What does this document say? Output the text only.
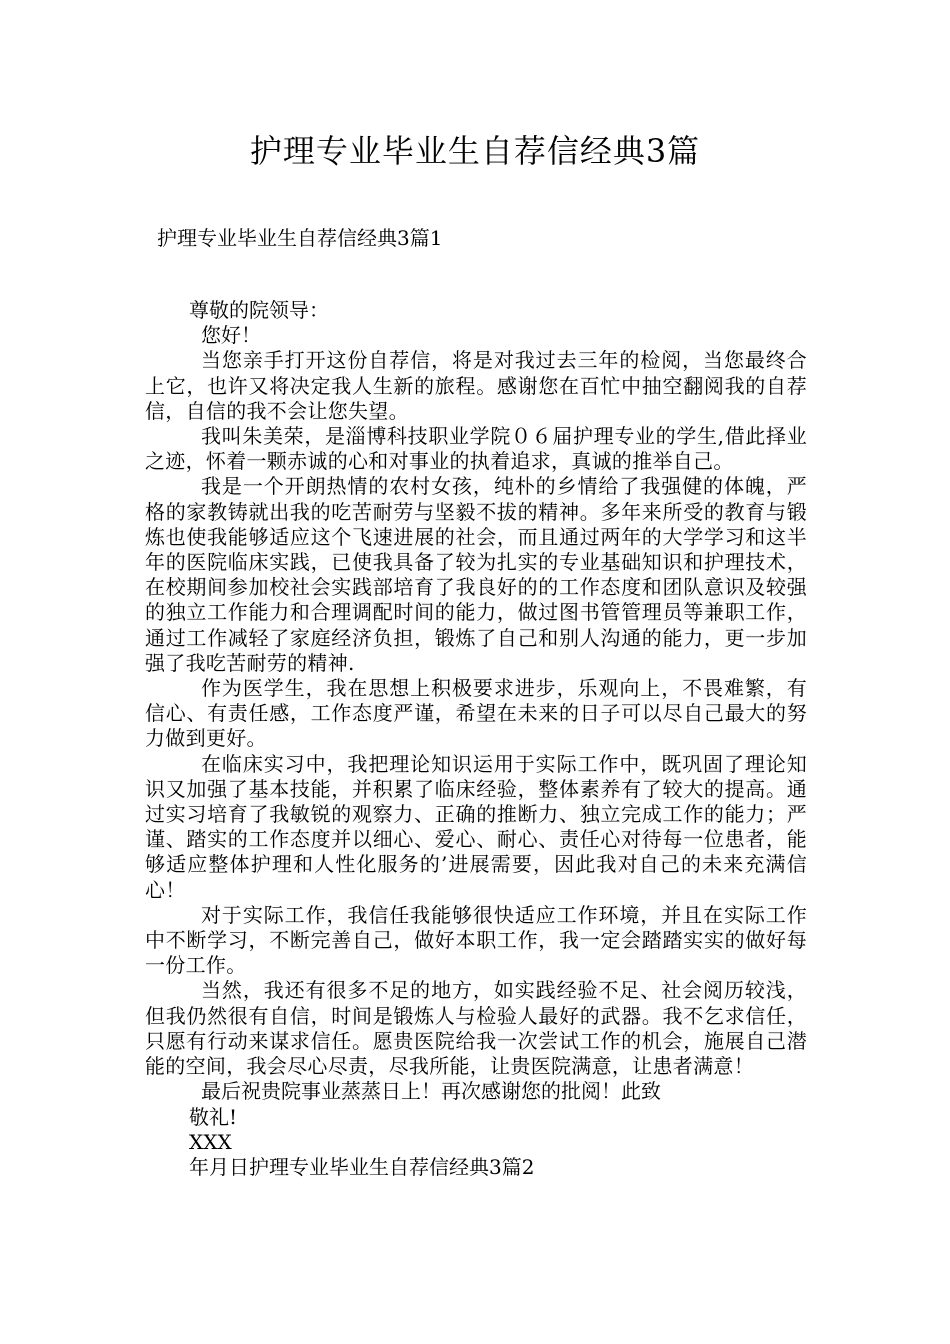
护理专业毕业生自荐信经典3篇
护理专业毕业生自荐信经典3篇1

尊敬的院领导：

您好！

当您亲手打开这份自荐信，将是对我过去三年的检阅，当您最终合上它，也许又将决定我人生新的旅程。感谢您在百忙中抽空翻阅我的自荐信，自信的我不会让您失望。

我叫朱美荣，是淄博科技职业学院０６届护理专业的学生,借此择业之迹，怀着一颗赤诚的心和对事业的执着追求，真诚的推举自己。

我是一个开朗热情的农村女孩，纯朴的乡情给了我强健的体魄，严格的家教铸就出我的吃苦耐劳与坚毅不拔的精神。多年来所受的教育与锻炼也使我能够适应这个飞速进展的社会，而且通过两年的大学学习和这半年的医院临床实践，已使我具备了较为扎实的专业基础知识和护理技术，在校期间参加校社会实践部培育了我良好的的工作态度和团队意识及较强的独立工作能力和合理调配时间的能力，做过图书管管理员等兼职工作，通过工作减轻了家庭经济负担，锻炼了自己和别人沟通的能力，更一步加强了我吃苦耐劳的精神.

作为医学生，我在思想上积极要求进步，乐观向上，不畏难繁，有信心、有责任感，工作态度严谨，希望在未来的日子可以尽自己最大的努力做到更好。

在临床实习中，我把理论知识运用于实际工作中，既巩固了理论知识又加强了基本技能，并积累了临床经验，整体素养有了较大的提高。通过实习培育了我敏锐的观察力、正确的推断力、独立完成工作的能力；严谨、踏实的工作态度并以细心、爱心、耐心、责任心对待每一位患者，能够适应整体护理和人性化服务的’进展需要，因此我对自己的未来充满信心！

对于实际工作，我信任我能够很快适应工作环境，并且在实际工作中不断学习，不断完善自己，做好本职工作，我一定会踏踏实实的做好每一份工作。

当然，我还有很多不足的地方，如实践经验不足、社会阅历较浅，但我仍然很有自信，时间是锻炼人与检验人最好的武器。我不乞求信任，只愿有行动来谋求信任。愿贵医院给我一次尝试工作的机会，施展自己潜能的空间，我会尽心尽责，尽我所能，让贵医院满意，让患者满意！

最后祝贵院事业蒸蒸日上！再次感谢您的批阅！此致

敬礼!

XXX

年月日护理专业毕业生自荐信经典3篇2
